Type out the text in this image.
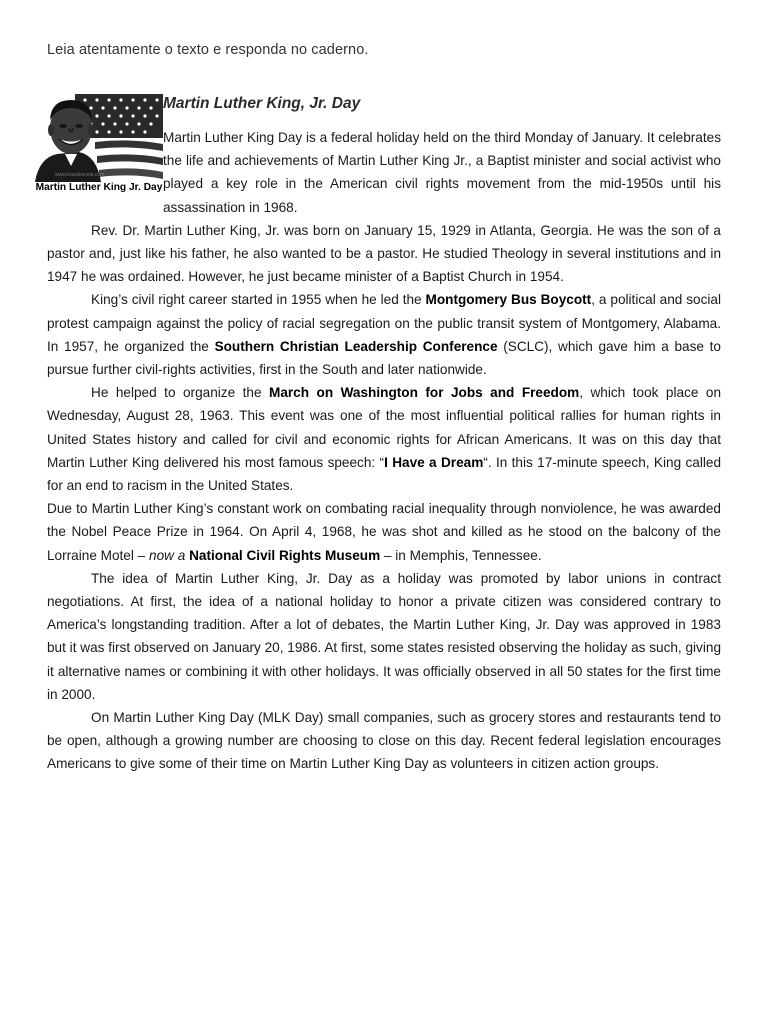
Leia atentamente o texto e responda no caderno.
www.brasilescola.com
Martin Luther King Jr. Day
Martin Luther King, Jr. Day

Martin Luther King Day is a federal holiday held on the third Monday of January. It celebrates the life and achievements of Martin Luther King Jr., a Baptist minister and social activist who played a key role in the American civil rights movement from the mid-1950s until his assassination in 1968.

Rev. Dr. Martin Luther King, Jr. was born on January 15, 1929 in Atlanta, Georgia. He was the son of a pastor and, just like his father, he also wanted to be a pastor. He studied Theology in several institutions and in 1947 he was ordained. However, he just became minister of a Baptist Church in 1954.

King’s civil right career started in 1955 when he led the Montgomery Bus Boycott, a political and social protest campaign against the policy of racial segregation on the public transit system of Montgomery, Alabama. In 1957, he organized the Southern Christian Leadership Conference (SCLC), which gave him a base to pursue further civil-rights activities, first in the South and later nationwide.

He helped to organize the March on Washington for Jobs and Freedom, which took place on Wednesday, August 28, 1963. This event was one of the most influential political rallies for human rights in United States history and called for civil and economic rights for African Americans. It was on this day that Martin Luther King delivered his most famous speech: “I Have a Dream“. In this 17-minute speech, King called for an end to racism in the United States.

Due to Martin Luther King’s constant work on combating racial inequality through nonviolence, he was awarded the Nobel Peace Prize in 1964. On April 4, 1968, he was shot and killed as he stood on the balcony of the Lorraine Motel – now a National Civil Rights Museum – in Memphis, Tennessee.

The idea of Martin Luther King, Jr. Day as a holiday was promoted by labor unions in contract negotiations. At first, the idea of a national holiday to honor a private citizen was considered contrary to America’s longstanding tradition. After a lot of debates, the Martin Luther King, Jr. Day was approved in 1983 but it was first observed on January 20, 1986. At first, some states resisted observing the holiday as such, giving it alternative names or combining it with other holidays. It was officially observed in all 50 states for the first time in 2000.

On Martin Luther King Day (MLK Day) small companies, such as grocery stores and restaurants tend to be open, although a growing number are choosing to close on this day. Recent federal legislation encourages Americans to give some of their time on Martin Luther King Day as volunteers in citizen action groups.
